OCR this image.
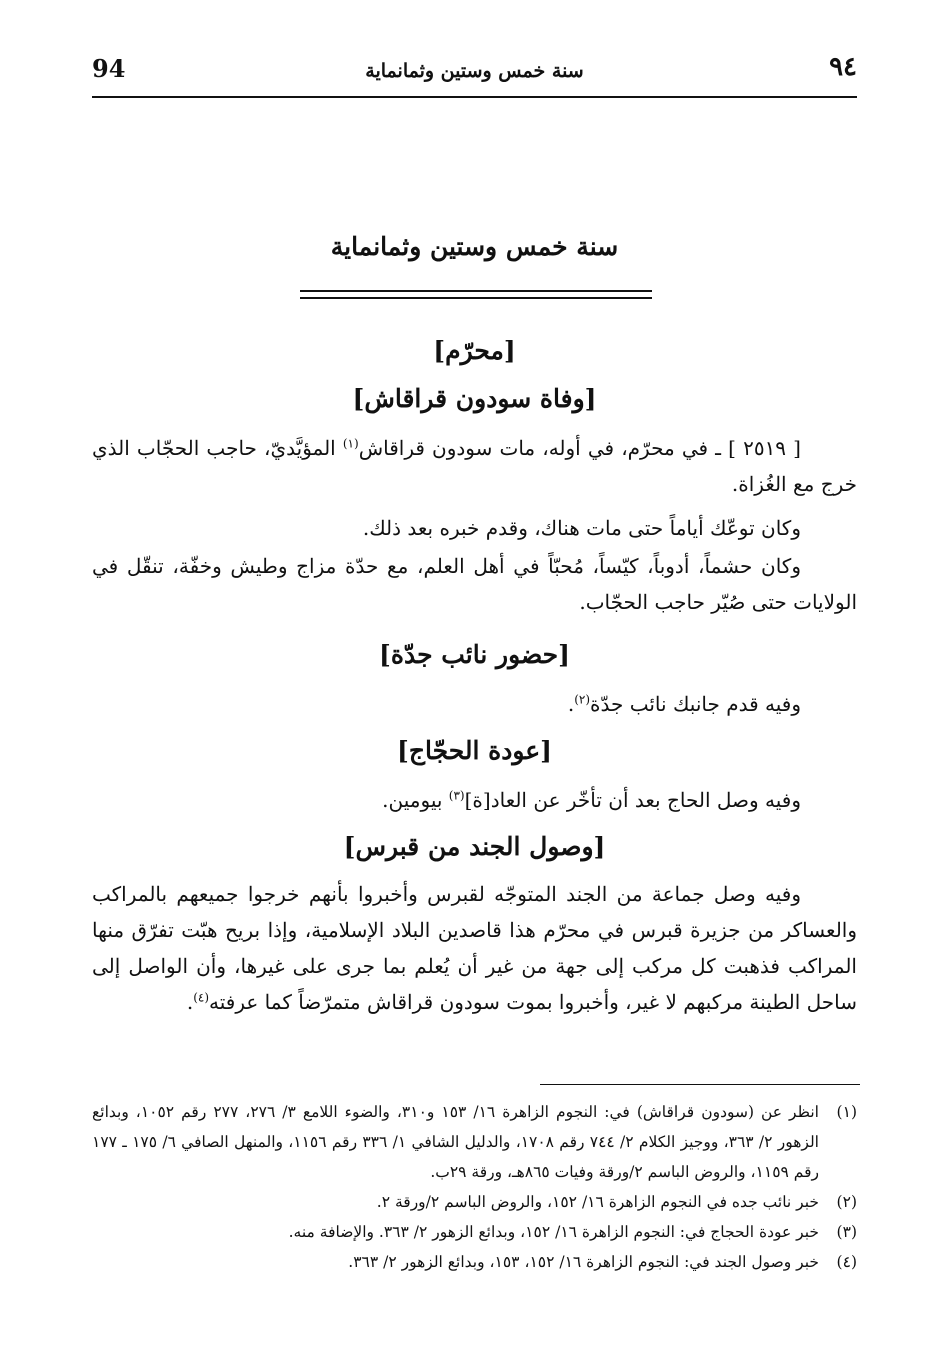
94	سنة خمس وستين وثمانماية	٩٤
سنة خمس وستين وثمانماية
[محرّم]
[وفاة سودون قراقاش]
[ ٢٥١٩ ] ـ في محرّم، في أوله، مات سودون قراقاش$^{(١)}$ المؤيَّديّ، حاجب الحجّاب الذي خرج مع الغُزاة.
وكان توعّك أياماً حتى مات هناك، وقدم خبره بعد ذلك.
وكان حشماً، أدوباً، كيّساً، مُحبّاً في أهل العلم، مع حدّة مزاج وطيش وخفّة، تنقّل في الولايات حتى صُيّر حاجب الحجّاب.
[حضور نائب جدّة]
وفيه قدم جانبك نائب جدّة$^{(٢)}$.
[عودة الحجّاج]
وفيه وصل الحاج بعد أن تأخّر عن العاد[ة]$^{(٣)}$ بيومين.
[وصول الجند من قبرس]
وفيه وصل جماعة من الجند المتوجّه لقبرس وأخبروا بأنهم خرجوا جميعهم بالمراكب والعساكر من جزيرة قبرس في محرّم هذا قاصدين البلاد الإسلامية، وإذا بريح هبّت تفرّق منها المراكب فذهبت كل مركب إلى جهة من غير أن يُعلم بما جرى على غيرها، وأن الواصل إلى ساحل الطينة مركبهم لا غير، وأخبروا بموت سودون قراقاش متمرّضاً كما عرفته$^{(٤)}$.
(١)
انظر عن (سودون قراقاش) في: النجوم الزاهرة ١٦/ ١٥٣ و٣١٠، والضوء اللامع ٣/ ٢٧٦، ٢٧٧ رقم ١٠٥٢، وبدائع الزهور ٢/ ٣٦٣، ووجيز الكلام ٢/ ٧٤٤ رقم ١٧٠٨، والدليل الشافي ١/ ٣٣٦ رقم ١١٥٦، والمنهل الصافي ٦/ ١٧٥ ـ ١٧٧ رقم ١١٥٩، والروض الباسم ٢/ورقة وفيات ٨٦٥هـ، ورقة ٢٩ب.
(٢)
خبر نائب جده في النجوم الزاهرة ١٦/ ١٥٢، والروض الباسم ٢/ورقة ٢.
(٣)
خبر عودة الحجاج في: النجوم الزاهرة ١٦/ ١٥٢، وبدائع الزهور ٢/ ٣٦٣. والإضافة منه.
(٤)
خبر وصول الجند في: النجوم الزاهرة ١٦/ ١٥٢، ١٥٣، وبدائع الزهور ٢/ ٣٦٣.
